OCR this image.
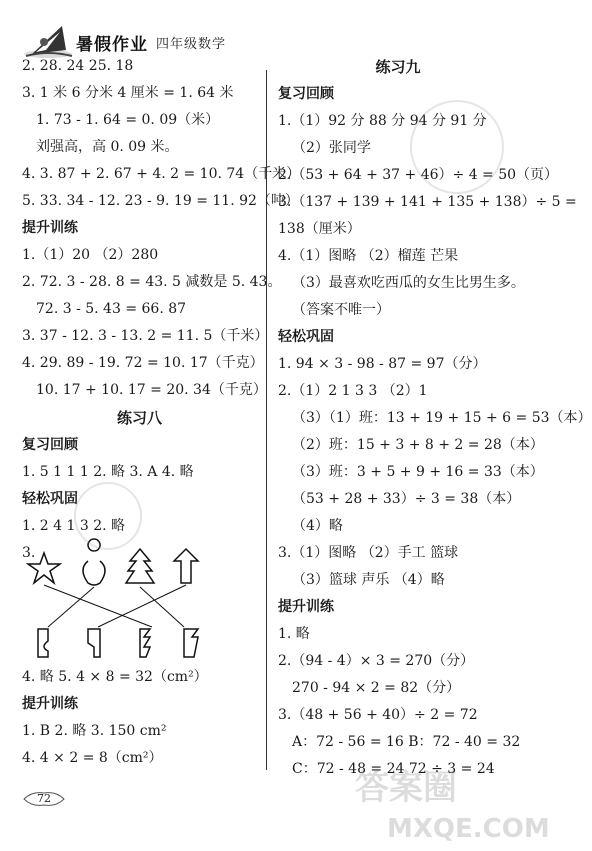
暑假作业 四年级数学
2. 28. 24 25. 18
3. 1 米 6 分米 4 厘米 = 1. 64 米
1. 73 - 1. 64 = 0. 09（米）
刘强高，高 0. 09 米。
4. 3. 87 + 2. 67 + 4. 2 = 10. 74（千米）
5. 33. 34 - 12. 23 - 9. 19 = 11. 92（吨）
提升训练
1.（1）20 （2）280
2. 72. 3 - 28. 8 = 43. 5 减数是 5. 43。
72. 3 - 5. 43 = 66. 87
3. 37 - 12. 3 - 13. 2 = 11. 5（千米）
4. 29. 89 - 19. 72 = 10. 17（千克）
10. 17 + 10. 17 = 20. 34（千克）
练习八
复习回顾
1. 5 1 1 1 2. 略 3. A 4. 略
轻松巩固
1. 2 4 1 3 2. 略
3.
4. 略 5. 4 × 8 = 32（cm²）
提升训练
1. B 2. 略 3. 150 cm²
4. 4 × 2 = 8（cm²）
练习九
复习回顾
1.（1）92 分 88 分 94 分 91 分
（2）张同学
2.（53 + 64 + 37 + 46）÷ 4 = 50（页）
3.（137 + 139 + 141 + 135 + 138）÷ 5 =
138（厘米）
4.（1）图略 （2）榴莲 芒果
（3）最喜欢吃西瓜的女生比男生多。
（答案不唯一）
轻松巩固
1. 94 × 3 - 98 - 87 = 97（分）
2.（1）2 1 3 3 （2）1
（3）（1）班：13 + 19 + 15 + 6 = 53（本）
（2）班：15 + 3 + 8 + 2 = 28（本）
（3）班：3 + 5 + 9 + 16 = 33（本）
（53 + 28 + 33）÷ 3 = 38（本）
（4）略
3.（1）图略 （2）手工 篮球
（3）篮球 声乐 （4）略
提升训练
1. 略
2.（94 - 4）× 3 = 270（分）
270 - 94 × 2 = 82（分）
3.（48 + 56 + 40）÷ 2 = 72
A：72 - 56 = 16 B：72 - 40 = 32
C：72 - 48 = 24 72 ÷ 3 = 24
72	答案圈
MXQE.COM
